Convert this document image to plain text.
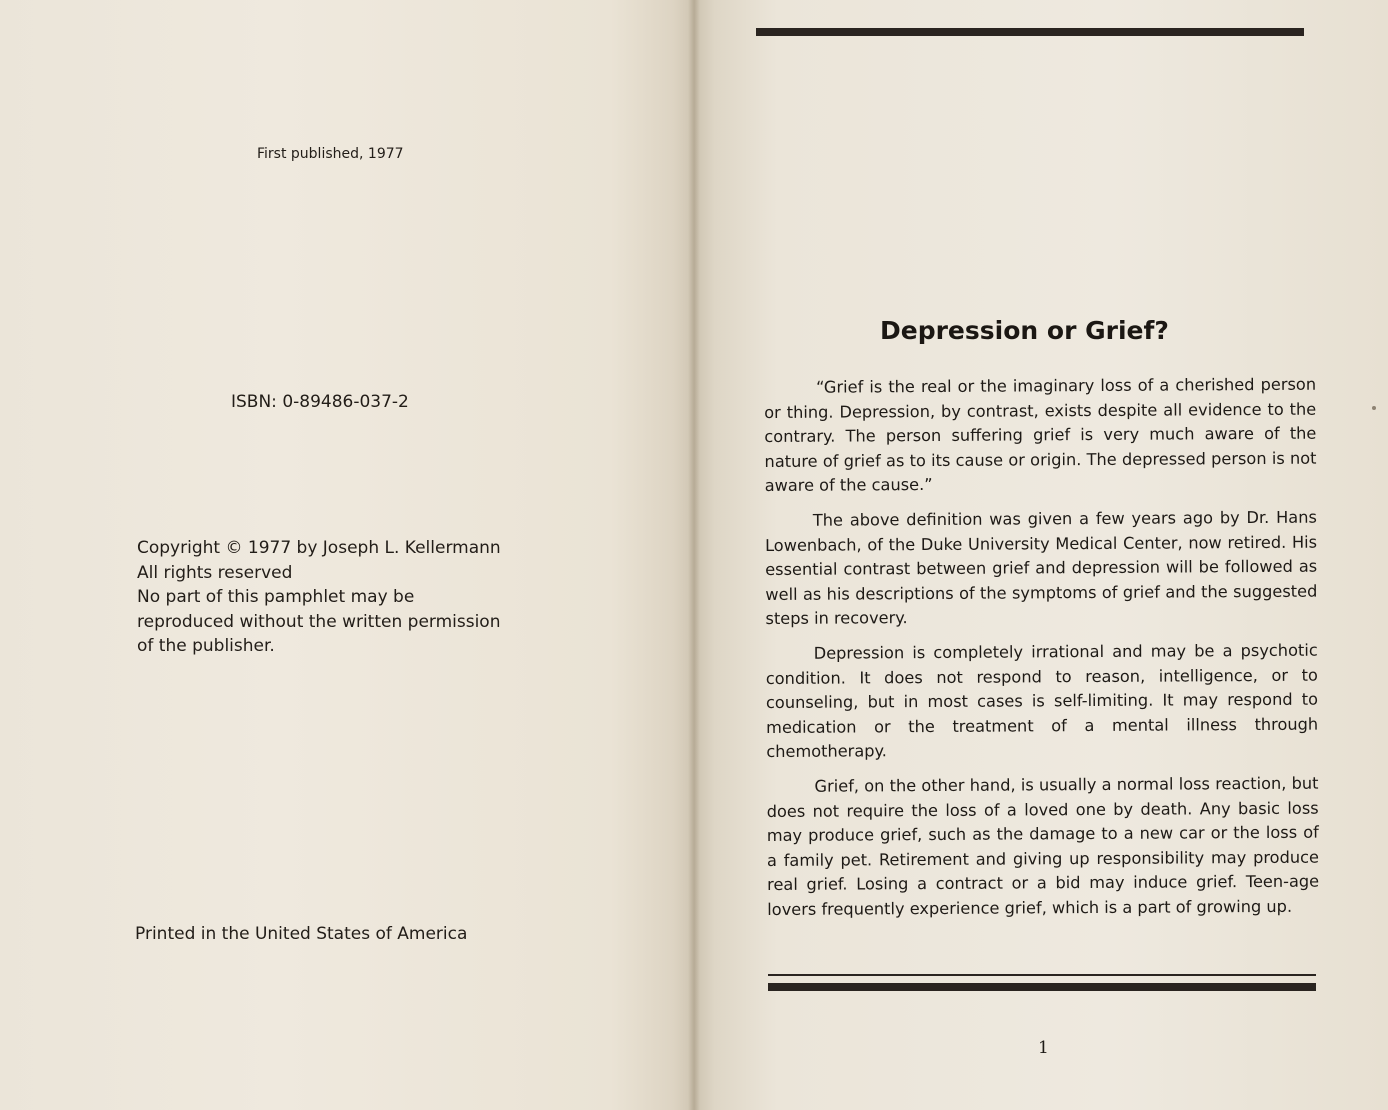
First published, 1977
ISBN: 0-89486-037-2
Copyright © 1977 by Joseph L. Kellermann
All rights reserved
No part of this pamphlet may be
reproduced without the written permission
of the publisher.
Printed in the United States of America
Depression or Grief?

“Grief is the real or the imaginary loss of a cherished person or thing. Depression, by contrast, exists despite all evidence to the contrary. The person suffering grief is very much aware of the nature of grief as to its cause or origin. The depressed person is not aware of the cause.”

The above definition was given a few years ago by Dr. Hans Lowenbach, of the Duke University Medical Center, now retired. His essential contrast between grief and depression will be followed as well as his descriptions of the symptoms of grief and the suggested steps in recovery.

Depression is completely irrational and may be a psychotic condition. It does not respond to reason, intelligence, or to counseling, but in most cases is self-limiting. It may respond to medication or the treatment of a mental illness through chemotherapy.

Grief, on the other hand, is usually a normal loss reaction, but does not require the loss of a loved one by death. Any basic loss may produce grief, such as the damage to a new car or the loss of a family pet. Retirement and giving up responsibility may produce real grief. Losing a contract or a bid may induce grief. Teen-age lovers frequently experience grief, which is a part of growing up.

1
